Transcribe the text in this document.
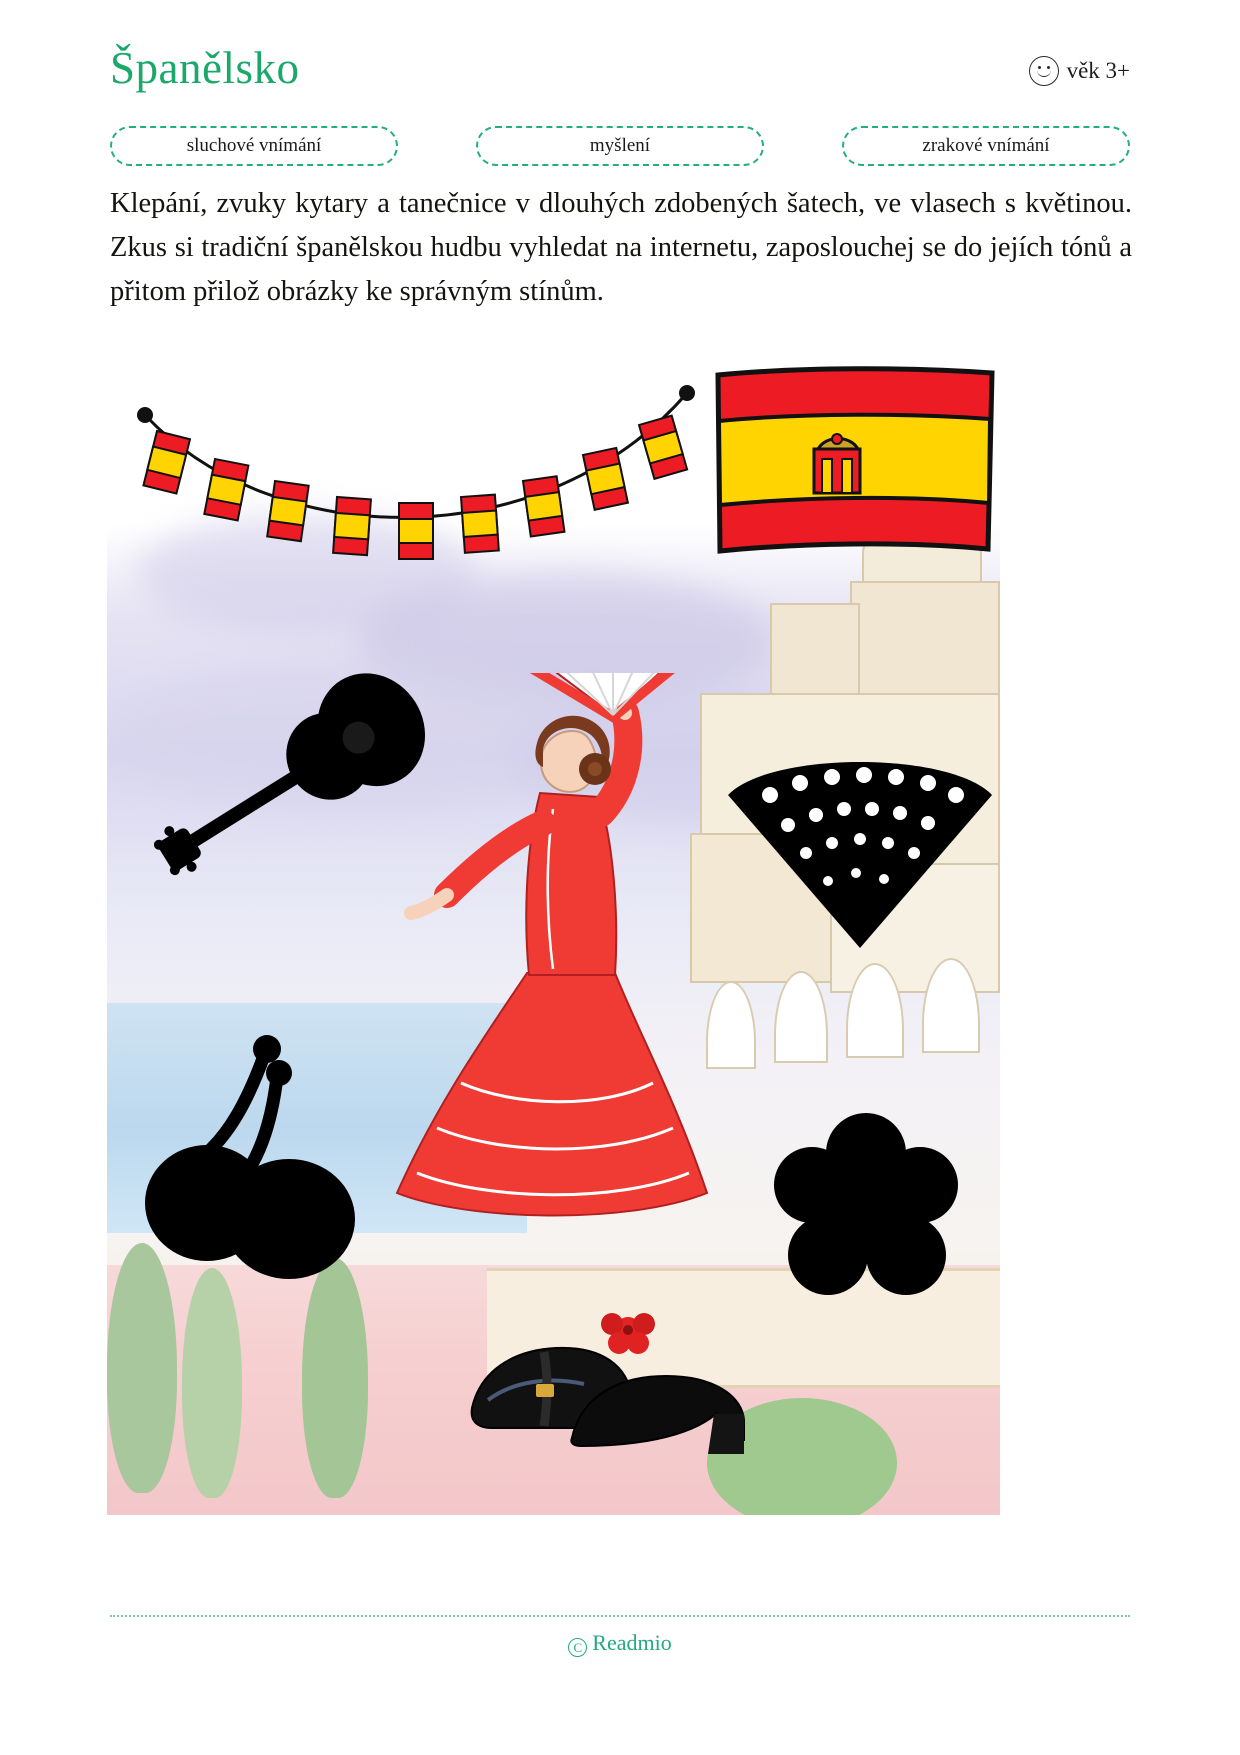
Španělsko	věk 3+
sluchové vnímání	myšlení	zrakové vnímání
Klepání, zvuky kytary a tanečnice v dlouhých zdobených šatech, ve vlasech s květinou. Zkus si tradiční španělskou hudbu vyhledat na internetu, zaposlouchej se do jejích tónů a přitom přilož obrázky ke správným stínům.
C Readmio
